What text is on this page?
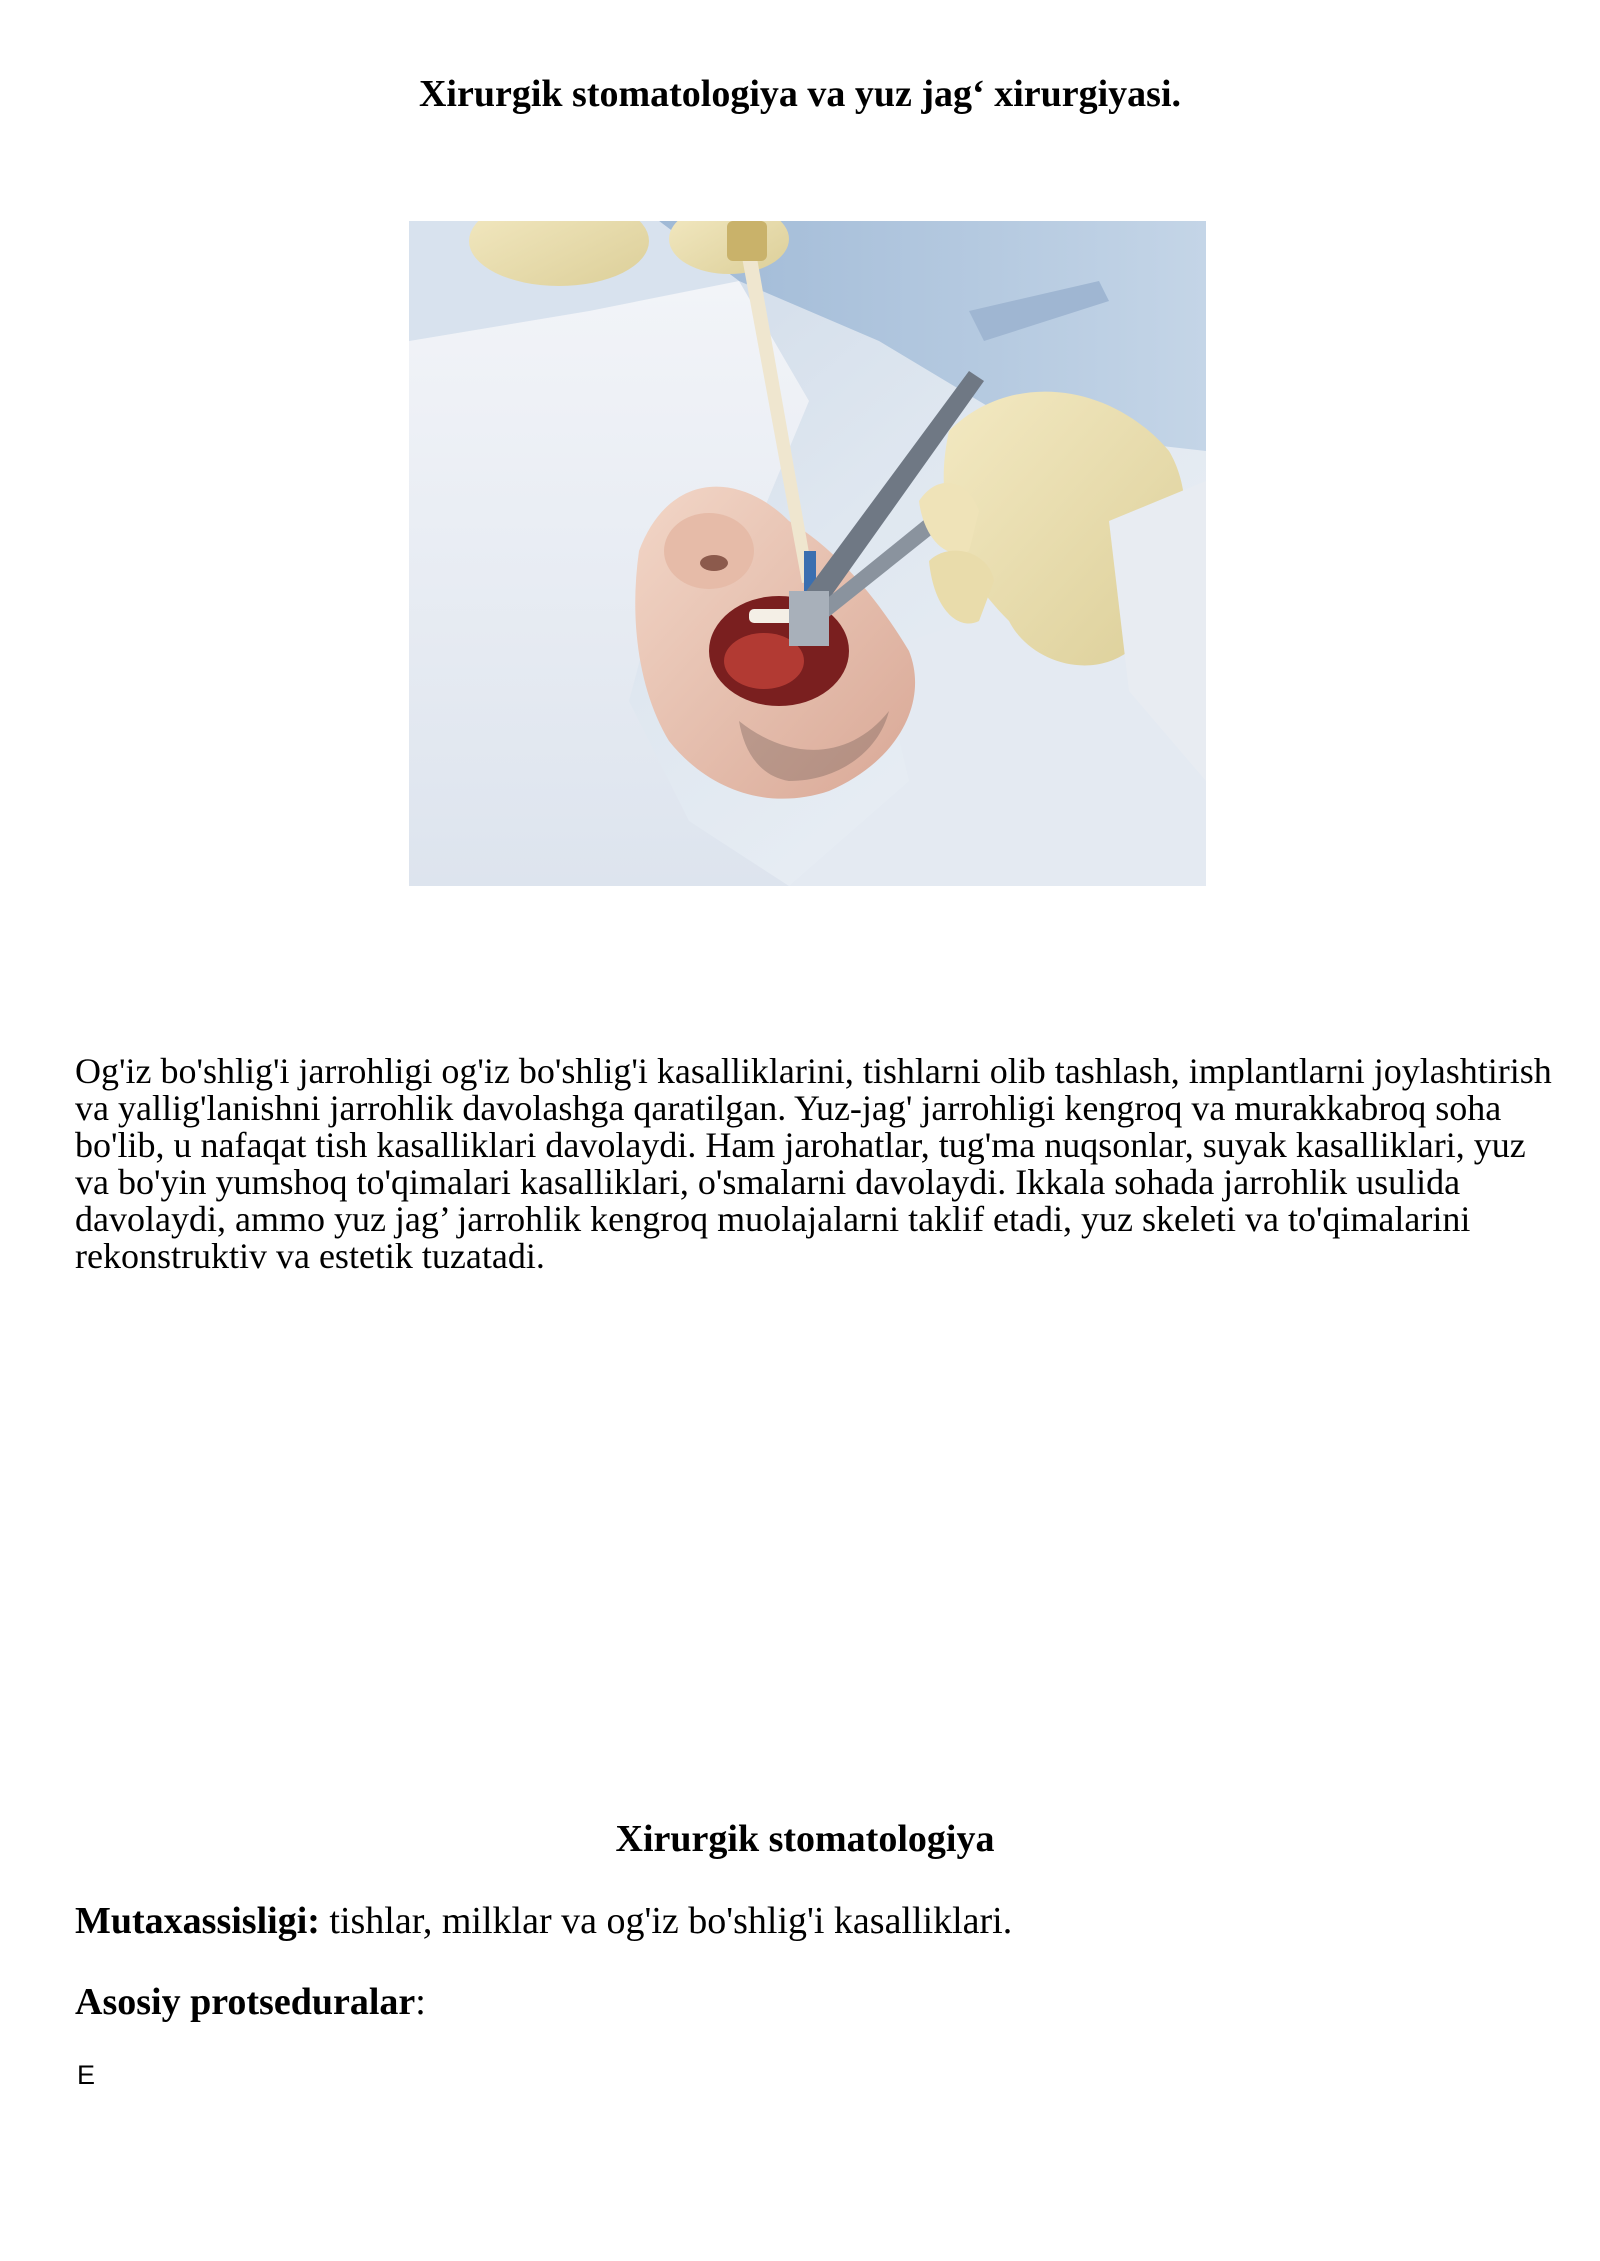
Xirurgik stomatologiya va yuz jag‘ xirurgiyasi.

Og'iz bo'shlig'i jarrohligi og'iz bo'shlig'i kasalliklarini, tishlarni olib tashlash, implantlarni joylashtirish va yallig'lanishni jarrohlik davolashga qaratilgan. Yuz-jag' jarrohligi kengroq va murakkabroq soha bo'lib, u nafaqat tish kasalliklari davolaydi. Ham jarohatlar, tug'ma nuqsonlar, suyak kasalliklari, yuz va bo'yin yumshoq to'qimalari kasalliklari, o'smalarni davolaydi. Ikkala sohada jarrohlik usulida davolaydi, ammo yuz jag’ jarrohlik kengroq muolajalarni taklif etadi, yuz skeleti va to'qimalarini rekonstruktiv va estetik tuzatadi.

Xirurgik stomatologiya

Mutaxassisligi: tishlar, milklar va og'iz bo'shlig'i kasalliklari.

Asosiy protseduralar:

E
